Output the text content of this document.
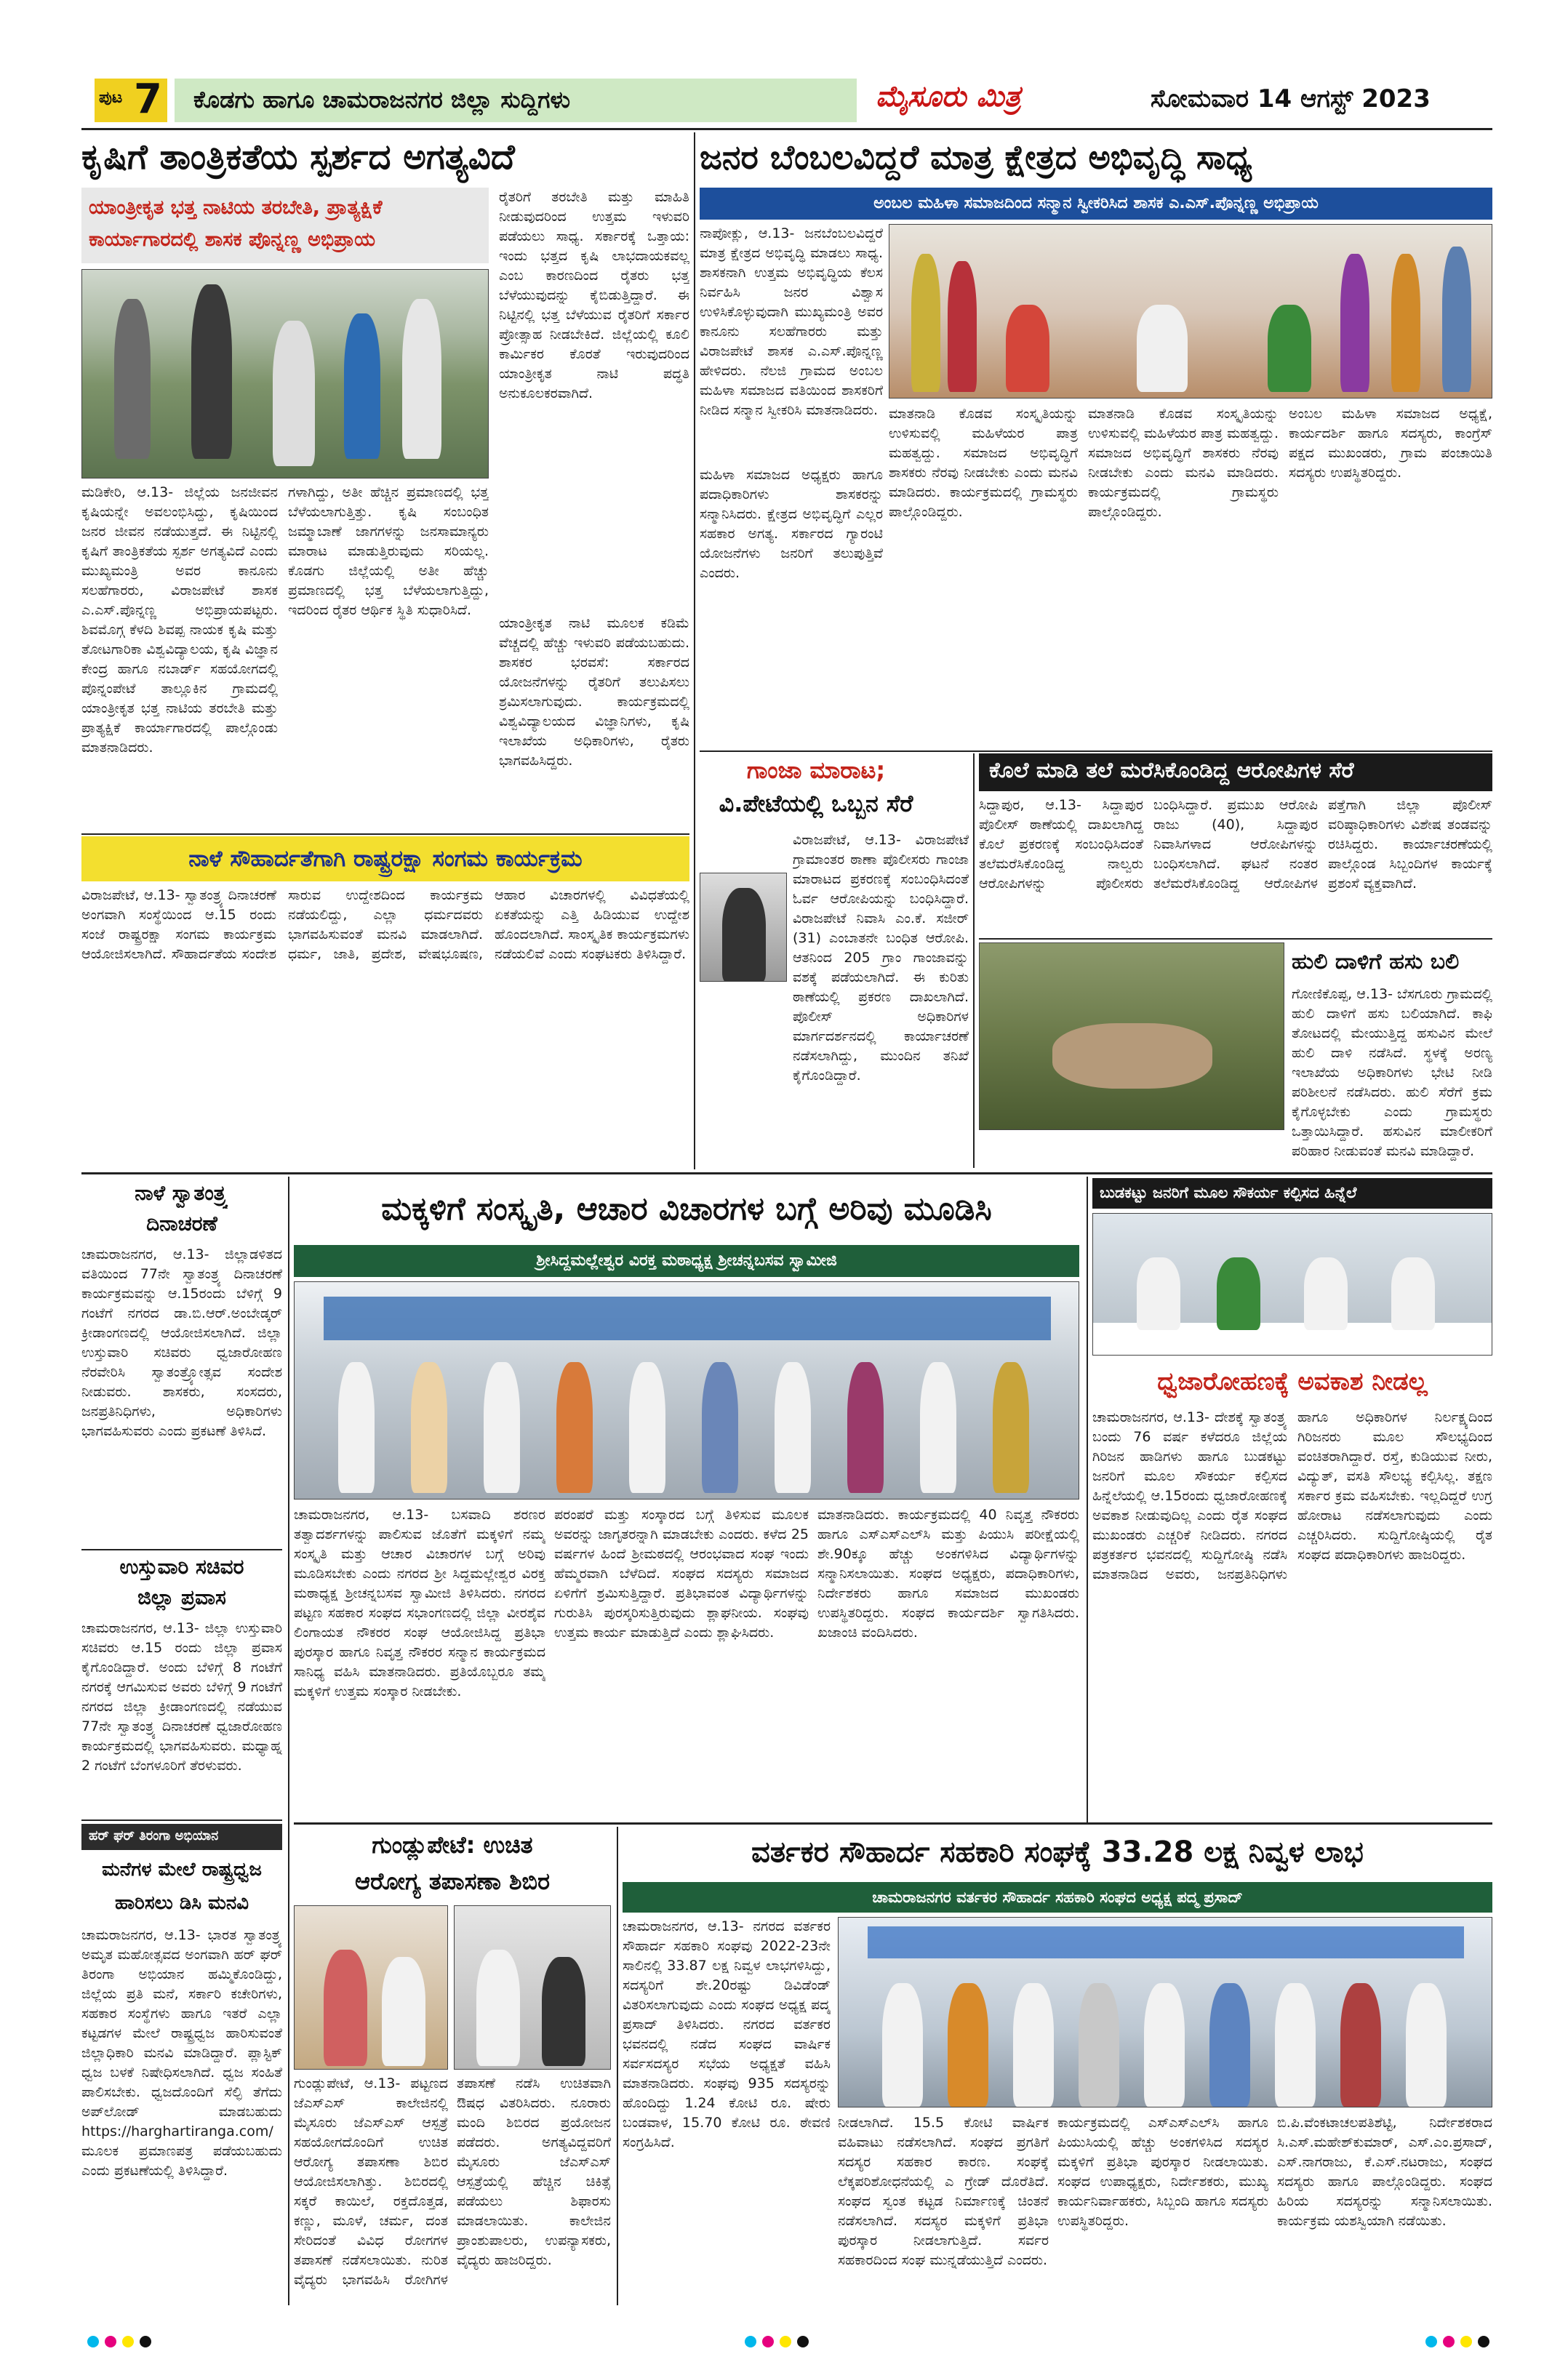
ಪುಟ 7 ಕೊಡಗು ಹಾಗೂ ಚಾಮರಾಜನಗರ ಜಿಲ್ಲಾ ಸುದ್ದಿಗಳು	ಮೈಸೂರು ಮಿತ್ರ	ಸೋಮವಾರ 14 ಆಗಸ್ಟ್ 2023
ಕೃಷಿಗೆ ತಾಂತ್ರಿಕತೆಯ ಸ್ಪರ್ಶದ ಅಗತ್ಯವಿದೆ
ಯಾಂತ್ರೀಕೃತ ಭತ್ತ ನಾಟಿಯ ತರಬೇತಿ, ಪ್ರಾತ್ಯಕ್ಷಿಕೆ ಕಾರ್ಯಾಗಾರದಲ್ಲಿ ಶಾಸಕ ಪೊನ್ನಣ್ಣ ಅಭಿಪ್ರಾಯ
ರೈತರಿಗೆ ತರಬೇತಿ ಮತ್ತು ಮಾಹಿತಿ ನೀಡುವುದರಿಂದ ಉತ್ತಮ ಇಳುವರಿ ಪಡೆಯಲು ಸಾಧ್ಯ. ಸರ್ಕಾರಕ್ಕೆ ಒತ್ತಾಯ: ಇಂದು ಭತ್ತದ ಕೃಷಿ ಲಾಭದಾಯಕವಲ್ಲ ಎಂಬ ಕಾರಣದಿಂದ ರೈತರು ಭತ್ತ ಬೆಳೆಯುವುದನ್ನು ಕೈಬಿಡುತ್ತಿದ್ದಾರೆ. ಈ ನಿಟ್ಟಿನಲ್ಲಿ ಭತ್ತ ಬೆಳೆಯುವ ರೈತರಿಗೆ ಸರ್ಕಾರ ಪ್ರೋತ್ಸಾಹ ನೀಡಬೇಕಿದೆ. ಜಿಲ್ಲೆಯಲ್ಲಿ ಕೂಲಿ ಕಾರ್ಮಿಕರ ಕೊರತೆ ಇರುವುದರಿಂದ ಯಾಂತ್ರೀಕೃತ ನಾಟಿ ಪದ್ಧತಿ ಅನುಕೂಲಕರವಾಗಿದೆ.
ಮಡಿಕೇರಿ, ಆ.13- ಜಿಲ್ಲೆಯ ಜನಜೀವನ ಕೃಷಿಯನ್ನೇ ಅವಲಂಭಿಸಿದ್ದು, ಕೃಷಿಯಿಂದ ಜನರ ಜೀವನ ನಡೆಯುತ್ತದೆ. ಈ ನಿಟ್ಟಿನಲ್ಲಿ ಕೃಷಿಗೆ ತಾಂತ್ರಿಕತೆಯ ಸ್ಪರ್ಶ ಅಗತ್ಯವಿದೆ ಎಂದು ಮುಖ್ಯಮಂತ್ರಿ ಅವರ ಕಾನೂನು ಸಲಹೆಗಾರರು, ವಿರಾಜಪೇಟೆ ಶಾಸಕ ಎ.ಎಸ್.ಪೊನ್ನಣ್ಣ ಅಭಿಪ್ರಾಯಪಟ್ಟರು. ಶಿವಮೊಗ್ಗ ಕೆಳದಿ ಶಿವಪ್ಪ ನಾಯಕ ಕೃಷಿ ಮತ್ತು ತೋಟಗಾರಿಕಾ ವಿಶ್ವವಿದ್ಯಾಲಯ, ಕೃಷಿ ವಿಜ್ಞಾನ ಕೇಂದ್ರ ಹಾಗೂ ನಬಾರ್ಡ್ ಸಹಯೋಗದಲ್ಲಿ ಪೊನ್ನಂಪೇಟೆ ತಾಲ್ಲೂಕಿನ ಗ್ರಾಮದಲ್ಲಿ ಯಾಂತ್ರೀಕೃತ ಭತ್ತ ನಾಟಿಯ ತರಬೇತಿ ಮತ್ತು ಪ್ರಾತ್ಯಕ್ಷಿಕೆ ಕಾರ್ಯಾಗಾರದಲ್ಲಿ ಪಾಲ್ಗೊಂಡು ಮಾತನಾಡಿದರು.
ಗಳಾಗಿದ್ದು, ಅತೀ ಹೆಚ್ಚಿನ ಪ್ರಮಾಣದಲ್ಲಿ ಭತ್ತ ಬೆಳೆಯಲಾಗುತ್ತಿತ್ತು. ಕೃಷಿ ಸಂಬಂಧಿತ ಜಮ್ಮಾಬಾಣೆ ಜಾಗಗಳನ್ನು ಜನಸಾಮಾನ್ಯರು ಮಾರಾಟ ಮಾಡುತ್ತಿರುವುದು ಸರಿಯಲ್ಲ. ಕೊಡಗು ಜಿಲ್ಲೆಯಲ್ಲಿ ಅತೀ ಹೆಚ್ಚು ಪ್ರಮಾಣದಲ್ಲಿ ಭತ್ತ ಬೆಳೆಯಲಾಗುತ್ತಿದ್ದು, ಇದರಿಂದ ರೈತರ ಆರ್ಥಿಕ ಸ್ಥಿತಿ ಸುಧಾರಿಸಿದೆ.
ಯಾಂತ್ರೀಕೃತ ನಾಟಿ ಮೂಲಕ ಕಡಿಮೆ ವೆಚ್ಚದಲ್ಲಿ ಹೆಚ್ಚು ಇಳುವರಿ ಪಡೆಯಬಹುದು. ಶಾಸಕರ ಭರವಸೆ: ಸರ್ಕಾರದ ಯೋಜನೆಗಳನ್ನು ರೈತರಿಗೆ ತಲುಪಿಸಲು ಶ್ರಮಿಸಲಾಗುವುದು. ಕಾರ್ಯಕ್ರಮದಲ್ಲಿ ವಿಶ್ವವಿದ್ಯಾಲಯದ ವಿಜ್ಞಾನಿಗಳು, ಕೃಷಿ ಇಲಾಖೆಯ ಅಧಿಕಾರಿಗಳು, ರೈತರು ಭಾಗವಹಿಸಿದ್ದರು.
ಜನರ ಬೆಂಬಲವಿದ್ದರೆ ಮಾತ್ರ ಕ್ಷೇತ್ರದ ಅಭಿವೃದ್ಧಿ ಸಾಧ್ಯ
ಅಂಬಲ ಮಹಿಳಾ ಸಮಾಜದಿಂದ ಸನ್ಮಾನ ಸ್ವೀಕರಿಸಿದ ಶಾಸಕ ಎ.ಎಸ್.ಪೊನ್ನಣ್ಣ ಅಭಿಪ್ರಾಯ
ನಾಪೋಕ್ಲು, ಆ.13- ಜನಬೆಂಬಲವಿದ್ದರೆ ಮಾತ್ರ ಕ್ಷೇತ್ರದ ಅಭಿವೃದ್ಧಿ ಮಾಡಲು ಸಾಧ್ಯ. ಶಾಸಕನಾಗಿ ಉತ್ತಮ ಅಭಿವೃದ್ಧಿಯ ಕೆಲಸ ನಿರ್ವಹಿಸಿ ಜನರ ವಿಶ್ವಾಸ ಉಳಿಸಿಕೊಳ್ಳುವುದಾಗಿ ಮುಖ್ಯಮಂತ್ರಿ ಅವರ ಕಾನೂನು ಸಲಹೆಗಾರರು ಮತ್ತು ವಿರಾಜಪೇಟೆ ಶಾಸಕ ಎ.ಎಸ್.ಪೊನ್ನಣ್ಣ ಹೇಳಿದರು. ನೆಲಜಿ ಗ್ರಾಮದ ಅಂಬಲ ಮಹಿಳಾ ಸಮಾಜದ ವತಿಯಿಂದ ಶಾಸಕರಿಗೆ ನೀಡಿದ ಸನ್ಮಾನ ಸ್ವೀಕರಿಸಿ ಮಾತನಾಡಿದರು.
ಮಹಿಳಾ ಸಮಾಜದ ಅಧ್ಯಕ್ಷರು ಹಾಗೂ ಪದಾಧಿಕಾರಿಗಳು ಶಾಸಕರನ್ನು ಸನ್ಮಾನಿಸಿದರು. ಕ್ಷೇತ್ರದ ಅಭಿವೃದ್ಧಿಗೆ ಎಲ್ಲರ ಸಹಕಾರ ಅಗತ್ಯ. ಸರ್ಕಾರದ ಗ್ಯಾರಂಟಿ ಯೋಜನೆಗಳು ಜನರಿಗೆ ತಲುಪುತ್ತಿವೆ ಎಂದರು.
ಮಾತನಾಡಿ ಕೊಡವ ಸಂಸ್ಕೃತಿಯನ್ನು ಉಳಿಸುವಲ್ಲಿ ಮಹಿಳೆಯರ ಪಾತ್ರ ಮಹತ್ವದ್ದು. ಸಮಾಜದ ಅಭಿವೃದ್ಧಿಗೆ ಶಾಸಕರು ನೆರವು ನೀಡಬೇಕು ಎಂದು ಮನವಿ ಮಾಡಿದರು. ಕಾರ್ಯಕ್ರಮದಲ್ಲಿ ಗ್ರಾಮಸ್ಥರು ಪಾಲ್ಗೊಂಡಿದ್ದರು.
ಮಾತನಾಡಿ ಕೊಡವ ಸಂಸ್ಕೃತಿಯನ್ನು ಉಳಿಸುವಲ್ಲಿ ಮಹಿಳೆಯರ ಪಾತ್ರ ಮಹತ್ವದ್ದು. ಸಮಾಜದ ಅಭಿವೃದ್ಧಿಗೆ ಶಾಸಕರು ನೆರವು ನೀಡಬೇಕು ಎಂದು ಮನವಿ ಮಾಡಿದರು. ಕಾರ್ಯಕ್ರಮದಲ್ಲಿ ಗ್ರಾಮಸ್ಥರು ಪಾಲ್ಗೊಂಡಿದ್ದರು.
ಅಂಬಲ ಮಹಿಳಾ ಸಮಾಜದ ಅಧ್ಯಕ್ಷೆ, ಕಾರ್ಯದರ್ಶಿ ಹಾಗೂ ಸದಸ್ಯರು, ಕಾಂಗ್ರೆಸ್ ಪಕ್ಷದ ಮುಖಂಡರು, ಗ್ರಾಮ ಪಂಚಾಯಿತಿ ಸದಸ್ಯರು ಉಪಸ್ಥಿತರಿದ್ದರು.
ನಾಳೆ ಸೌಹಾರ್ದತೆಗಾಗಿ ರಾಷ್ಟ್ರರಕ್ಷಾ ಸಂಗಮ ಕಾರ್ಯಕ್ರಮ
ವಿರಾಜಪೇಟೆ, ಆ.13- ಸ್ವಾತಂತ್ರ್ಯ ದಿನಾಚರಣೆ ಅಂಗವಾಗಿ ಸಂಸ್ಥೆಯಿಂದ ಆ.15 ರಂದು ಸಂಜೆ ರಾಷ್ಟ್ರರಕ್ಷಾ ಸಂಗಮ ಕಾರ್ಯಕ್ರಮ ಆಯೋಜಿಸಲಾಗಿದೆ. ಸೌಹಾರ್ದತೆಯ ಸಂದೇಶ ಸಾರುವ ಉದ್ದೇಶದಿಂದ ಕಾರ್ಯಕ್ರಮ ನಡೆಯಲಿದ್ದು, ಎಲ್ಲಾ ಧರ್ಮದವರು ಭಾಗವಹಿಸುವಂತೆ ಮನವಿ ಮಾಡಲಾಗಿದೆ. ಧರ್ಮ, ಜಾತಿ, ಪ್ರದೇಶ, ವೇಷಭೂಷಣ, ಆಹಾರ ವಿಚಾರಗಳಲ್ಲಿ ವಿವಿಧತೆಯಲ್ಲಿ ಏಕತೆಯನ್ನು ಎತ್ತಿ ಹಿಡಿಯುವ ಉದ್ದೇಶ ಹೊಂದಲಾಗಿದೆ. ಸಾಂಸ್ಕೃತಿಕ ಕಾರ್ಯಕ್ರಮಗಳು ನಡೆಯಲಿವೆ ಎಂದು ಸಂಘಟಕರು ತಿಳಿಸಿದ್ದಾರೆ.
ಗಾಂಜಾ ಮಾರಾಟ;
ವಿ.ಪೇಟೆಯಲ್ಲಿ ಒಬ್ಬನ ಸೆರೆ
ವಿರಾಜಪೇಟೆ, ಆ.13- ವಿರಾಜಪೇಟೆ ಗ್ರಾಮಾಂತರ ಠಾಣಾ ಪೊಲೀಸರು ಗಾಂಜಾ ಮಾರಾಟದ ಪ್ರಕರಣಕ್ಕೆ ಸಂಬಂಧಿಸಿದಂತೆ ಓರ್ವ ಆರೋಪಿಯನ್ನು ಬಂಧಿಸಿದ್ದಾರೆ. ವಿರಾಜಪೇಟೆ ನಿವಾಸಿ ಎಂ.ಕೆ. ಸಜೀರ್ (31) ಎಂಬಾತನೇ ಬಂಧಿತ ಆರೋಪಿ. ಆತನಿಂದ 205 ಗ್ರಾಂ ಗಾಂಜಾವನ್ನು ವಶಕ್ಕೆ ಪಡೆಯಲಾಗಿದೆ. ಈ ಕುರಿತು ಠಾಣೆಯಲ್ಲಿ ಪ್ರಕರಣ ದಾಖಲಾಗಿದೆ. ಪೊಲೀಸ್ ಅಧಿಕಾರಿಗಳ ಮಾರ್ಗದರ್ಶನದಲ್ಲಿ ಕಾರ್ಯಾಚರಣೆ ನಡೆಸಲಾಗಿದ್ದು, ಮುಂದಿನ ತನಿಖೆ ಕೈಗೊಂಡಿದ್ದಾರೆ.
ಕೊಲೆ ಮಾಡಿ ತಲೆ ಮರೆಸಿಕೊಂಡಿದ್ದ ಆರೋಪಿಗಳ ಸೆರೆ
ಸಿದ್ದಾಪುರ, ಆ.13- ಸಿದ್ದಾಪುರ ಪೊಲೀಸ್ ಠಾಣೆಯಲ್ಲಿ ದಾಖಲಾಗಿದ್ದ ಕೊಲೆ ಪ್ರಕರಣಕ್ಕೆ ಸಂಬಂಧಿಸಿದಂತೆ ತಲೆಮರೆಸಿಕೊಂಡಿದ್ದ ನಾಲ್ವರು ಆರೋಪಿಗಳನ್ನು ಪೊಲೀಸರು ಬಂಧಿಸಿದ್ದಾರೆ. ಪ್ರಮುಖ ಆರೋಪಿ ರಾಜು (40), ಸಿದ್ದಾಪುರ ನಿವಾಸಿಗಳಾದ ಆರೋಪಿಗಳನ್ನು ಬಂಧಿಸಲಾಗಿದೆ. ಘಟನೆ ನಂತರ ತಲೆಮರೆಸಿಕೊಂಡಿದ್ದ ಆರೋಪಿಗಳ ಪತ್ತೆಗಾಗಿ ಜಿಲ್ಲಾ ಪೊಲೀಸ್ ವರಿಷ್ಠಾಧಿಕಾರಿಗಳು ವಿಶೇಷ ತಂಡವನ್ನು ರಚಿಸಿದ್ದರು. ಕಾರ್ಯಾಚರಣೆಯಲ್ಲಿ ಪಾಲ್ಗೊಂಡ ಸಿಬ್ಬಂದಿಗಳ ಕಾರ್ಯಕ್ಕೆ ಪ್ರಶಂಸೆ ವ್ಯಕ್ತವಾಗಿದೆ.
ಹುಲಿ ದಾಳಿಗೆ ಹಸು ಬಲಿ
ಗೋಣಿಕೊಪ್ಪ, ಆ.13- ಬೆಸಗೂರು ಗ್ರಾಮದಲ್ಲಿ ಹುಲಿ ದಾಳಿಗೆ ಹಸು ಬಲಿಯಾಗಿದೆ. ಕಾಫಿ ತೋಟದಲ್ಲಿ ಮೇಯುತ್ತಿದ್ದ ಹಸುವಿನ ಮೇಲೆ ಹುಲಿ ದಾಳಿ ನಡೆಸಿದೆ. ಸ್ಥಳಕ್ಕೆ ಅರಣ್ಯ ಇಲಾಖೆಯ ಅಧಿಕಾರಿಗಳು ಭೇಟಿ ನೀಡಿ ಪರಿಶೀಲನೆ ನಡೆಸಿದರು. ಹುಲಿ ಸೆರೆಗೆ ಕ್ರಮ ಕೈಗೊಳ್ಳಬೇಕು ಎಂದು ಗ್ರಾಮಸ್ಥರು ಒತ್ತಾಯಿಸಿದ್ದಾರೆ. ಹಸುವಿನ ಮಾಲೀಕರಿಗೆ ಪರಿಹಾರ ನೀಡುವಂತೆ ಮನವಿ ಮಾಡಿದ್ದಾರೆ.
ನಾಳೆ ಸ್ವಾತಂತ್ರ್ಯ
ದಿನಾಚರಣೆ
ಚಾಮರಾಜನಗರ, ಆ.13- ಜಿಲ್ಲಾಡಳಿತದ ವತಿಯಿಂದ 77ನೇ ಸ್ವಾತಂತ್ರ್ಯ ದಿನಾಚರಣೆ ಕಾರ್ಯಕ್ರಮವನ್ನು ಆ.15ರಂದು ಬೆಳಿಗ್ಗೆ 9 ಗಂಟೆಗೆ ನಗರದ ಡಾ.ಬಿ.ಆರ್.ಅಂಬೇಡ್ಕರ್ ಕ್ರೀಡಾಂಗಣದಲ್ಲಿ ಆಯೋಜಿಸಲಾಗಿದೆ. ಜಿಲ್ಲಾ ಉಸ್ತುವಾರಿ ಸಚಿವರು ಧ್ವಜಾರೋಹಣ ನೆರವೇರಿಸಿ ಸ್ವಾತಂತ್ರ್ಯೋತ್ಸವ ಸಂದೇಶ ನೀಡುವರು. ಶಾಸಕರು, ಸಂಸದರು, ಜನಪ್ರತಿನಿಧಿಗಳು, ಅಧಿಕಾರಿಗಳು ಭಾಗವಹಿಸುವರು ಎಂದು ಪ್ರಕಟಣೆ ತಿಳಿಸಿದೆ.
ಉಸ್ತುವಾರಿ ಸಚಿವರ
ಜಿಲ್ಲಾ ಪ್ರವಾಸ
ಚಾಮರಾಜನಗರ, ಆ.13- ಜಿಲ್ಲಾ ಉಸ್ತುವಾರಿ ಸಚಿವರು ಆ.15 ರಂದು ಜಿಲ್ಲಾ ಪ್ರವಾಸ ಕೈಗೊಂಡಿದ್ದಾರೆ. ಅಂದು ಬೆಳಿಗ್ಗೆ 8 ಗಂಟೆಗೆ ನಗರಕ್ಕೆ ಆಗಮಿಸುವ ಅವರು ಬೆಳಿಗ್ಗೆ 9 ಗಂಟೆಗೆ ನಗರದ ಜಿಲ್ಲಾ ಕ್ರೀಡಾಂಗಣದಲ್ಲಿ ನಡೆಯುವ 77ನೇ ಸ್ವಾತಂತ್ರ್ಯ ದಿನಾಚರಣೆ ಧ್ವಜಾರೋಹಣ ಕಾರ್ಯಕ್ರಮದಲ್ಲಿ ಭಾಗವಹಿಸುವರು. ಮಧ್ಯಾಹ್ನ 2 ಗಂಟೆಗೆ ಬೆಂಗಳೂರಿಗೆ ತೆರಳುವರು.
ಹರ್ ಘರ್ ತಿರಂಗಾ ಅಭಿಯಾನ
ಮನೆಗಳ ಮೇಲೆ ರಾಷ್ಟ್ರಧ್ವಜ
ಹಾರಿಸಲು ಡಿಸಿ ಮನವಿ
ಚಾಮರಾಜನಗರ, ಆ.13- ಭಾರತ ಸ್ವಾತಂತ್ರ್ಯ ಅಮೃತ ಮಹೋತ್ಸವದ ಅಂಗವಾಗಿ ಹರ್ ಘರ್ ತಿರಂಗಾ ಅಭಿಯಾನ ಹಮ್ಮಿಕೊಂಡಿದ್ದು, ಜಿಲ್ಲೆಯ ಪ್ರತಿ ಮನೆ, ಸರ್ಕಾರಿ ಕಚೇರಿಗಳು, ಸಹಕಾರ ಸಂಸ್ಥೆಗಳು ಹಾಗೂ ಇತರೆ ಎಲ್ಲಾ ಕಟ್ಟಡಗಳ ಮೇಲೆ ರಾಷ್ಟ್ರಧ್ವಜ ಹಾರಿಸುವಂತೆ ಜಿಲ್ಲಾಧಿಕಾರಿ ಮನವಿ ಮಾಡಿದ್ದಾರೆ. ಪ್ಲಾಸ್ಟಿಕ್ ಧ್ವಜ ಬಳಕೆ ನಿಷೇಧಿಸಲಾಗಿದೆ. ಧ್ವಜ ಸಂಹಿತೆ ಪಾಲಿಸಬೇಕು. ಧ್ವಜದೊಂದಿಗೆ ಸೆಲ್ಫಿ ತೆಗೆದು ಅಪ್‌ಲೋಡ್ ಮಾಡಬಹುದು https://harghartiranga.com/ ಮೂಲಕ ಪ್ರಮಾಣಪತ್ರ ಪಡೆಯಬಹುದು ಎಂದು ಪ್ರಕಟಣೆಯಲ್ಲಿ ತಿಳಿಸಿದ್ದಾರೆ.
ಮಕ್ಕಳಿಗೆ ಸಂಸ್ಕೃತಿ, ಆಚಾರ ವಿಚಾರಗಳ ಬಗ್ಗೆ ಅರಿವು ಮೂಡಿಸಿ
ಶ್ರೀಸಿದ್ದಮಲ್ಲೇಶ್ವರ ವಿರಕ್ತ ಮಠಾಧ್ಯಕ್ಷ ಶ್ರೀಚನ್ನಬಸವ ಸ್ವಾಮೀಜಿ
ಚಾಮರಾಜನಗರ, ಆ.13- ಬಸವಾದಿ ಶರಣರ ತತ್ವಾದರ್ಶಗಳನ್ನು ಪಾಲಿಸುವ ಜೊತೆಗೆ ಮಕ್ಕಳಿಗೆ ನಮ್ಮ ಸಂಸ್ಕೃತಿ ಮತ್ತು ಆಚಾರ ವಿಚಾರಗಳ ಬಗ್ಗೆ ಅರಿವು ಮೂಡಿಸಬೇಕು ಎಂದು ನಗರದ ಶ್ರೀ ಸಿದ್ದಮಲ್ಲೇಶ್ವರ ವಿರಕ್ತ ಮಠಾಧ್ಯಕ್ಷ ಶ್ರೀಚನ್ನಬಸವ ಸ್ವಾಮೀಜಿ ತಿಳಿಸಿದರು. ನಗರದ ಪಟ್ಟಣ ಸಹಕಾರ ಸಂಘದ ಸಭಾಂಗಣದಲ್ಲಿ ಜಿಲ್ಲಾ ವೀರಶೈವ ಲಿಂಗಾಯತ ನೌಕರರ ಸಂಘ ಆಯೋಜಿಸಿದ್ದ ಪ್ರತಿಭಾ ಪುರಸ್ಕಾರ ಹಾಗೂ ನಿವೃತ್ತ ನೌಕರರ ಸನ್ಮಾನ ಕಾರ್ಯಕ್ರಮದ ಸಾನಿಧ್ಯ ವಹಿಸಿ ಮಾತನಾಡಿದರು. ಪ್ರತಿಯೊಬ್ಬರೂ ತಮ್ಮ ಮಕ್ಕಳಿಗೆ ಉತ್ತಮ ಸಂಸ್ಕಾರ ನೀಡಬೇಕು.
ಪರಂಪರೆ ಮತ್ತು ಸಂಸ್ಕಾರದ ಬಗ್ಗೆ ತಿಳಿಸುವ ಮೂಲಕ ಅವರನ್ನು ಜಾಗೃತರನ್ನಾಗಿ ಮಾಡಬೇಕು ಎಂದರು. ಕಳೆದ 25 ವರ್ಷಗಳ ಹಿಂದೆ ಶ್ರೀಮಠದಲ್ಲಿ ಆರಂಭವಾದ ಸಂಘ ಇಂದು ಹೆಮ್ಮರವಾಗಿ ಬೆಳೆದಿದೆ. ಸಂಘದ ಸದಸ್ಯರು ಸಮಾಜದ ಏಳಿಗೆಗೆ ಶ್ರಮಿಸುತ್ತಿದ್ದಾರೆ. ಪ್ರತಿಭಾವಂತ ವಿದ್ಯಾರ್ಥಿಗಳನ್ನು ಗುರುತಿಸಿ ಪುರಸ್ಕರಿಸುತ್ತಿರುವುದು ಶ್ಲಾಘನೀಯ. ಸಂಘವು ಉತ್ತಮ ಕಾರ್ಯ ಮಾಡುತ್ತಿದೆ ಎಂದು ಶ್ಲಾಘಿಸಿದರು.
ಮಾತನಾಡಿದರು. ಕಾರ್ಯಕ್ರಮದಲ್ಲಿ 40 ನಿವೃತ್ತ ನೌಕರರು ಹಾಗೂ ಎಸ್‌ಎಸ್‌ಎಲ್‌ಸಿ ಮತ್ತು ಪಿಯುಸಿ ಪರೀಕ್ಷೆಯಲ್ಲಿ ಶೇ.90ಕ್ಕೂ ಹೆಚ್ಚು ಅಂಕಗಳಿಸಿದ ವಿದ್ಯಾರ್ಥಿಗಳನ್ನು ಸನ್ಮಾನಿಸಲಾಯಿತು. ಸಂಘದ ಅಧ್ಯಕ್ಷರು, ಪದಾಧಿಕಾರಿಗಳು, ನಿರ್ದೇಶಕರು ಹಾಗೂ ಸಮಾಜದ ಮುಖಂಡರು ಉಪಸ್ಥಿತರಿದ್ದರು. ಸಂಘದ ಕಾರ್ಯದರ್ಶಿ ಸ್ವಾಗತಿಸಿದರು. ಖಜಾಂಚಿ ವಂದಿಸಿದರು.
ಬುಡಕಟ್ಟು ಜನರಿಗೆ ಮೂಲ ಸೌಕರ್ಯ ಕಲ್ಪಿಸದ ಹಿನ್ನೆಲೆ
ಧ್ವಜಾರೋಹಣಕ್ಕೆ ಅವಕಾಶ ನೀಡಲ್ಲ
ಚಾಮರಾಜನಗರ, ಆ.13- ದೇಶಕ್ಕೆ ಸ್ವಾತಂತ್ರ್ಯ ಬಂದು 76 ವರ್ಷ ಕಳೆದರೂ ಜಿಲ್ಲೆಯ ಗಿರಿಜನ ಹಾಡಿಗಳು ಹಾಗೂ ಬುಡಕಟ್ಟು ಜನರಿಗೆ ಮೂಲ ಸೌಕರ್ಯ ಕಲ್ಪಿಸದ ಹಿನ್ನೆಲೆಯಲ್ಲಿ ಆ.15ರಂದು ಧ್ವಜಾರೋಹಣಕ್ಕೆ ಅವಕಾಶ ನೀಡುವುದಿಲ್ಲ ಎಂದು ರೈತ ಸಂಘದ ಮುಖಂಡರು ಎಚ್ಚರಿಕೆ ನೀಡಿದರು. ನಗರದ ಪತ್ರಕರ್ತರ ಭವನದಲ್ಲಿ ಸುದ್ದಿಗೋಷ್ಠಿ ನಡೆಸಿ ಮಾತನಾಡಿದ ಅವರು, ಜನಪ್ರತಿನಿಧಿಗಳು ಹಾಗೂ ಅಧಿಕಾರಿಗಳ ನಿರ್ಲಕ್ಷ್ಯದಿಂದ ಗಿರಿಜನರು ಮೂಲ ಸೌಲಭ್ಯದಿಂದ ವಂಚಿತರಾಗಿದ್ದಾರೆ. ರಸ್ತೆ, ಕುಡಿಯುವ ನೀರು, ವಿದ್ಯುತ್, ವಸತಿ ಸೌಲಭ್ಯ ಕಲ್ಪಿಸಿಲ್ಲ. ತಕ್ಷಣ ಸರ್ಕಾರ ಕ್ರಮ ವಹಿಸಬೇಕು. ಇಲ್ಲದಿದ್ದರೆ ಉಗ್ರ ಹೋರಾಟ ನಡೆಸಲಾಗುವುದು ಎಂದು ಎಚ್ಚರಿಸಿದರು. ಸುದ್ದಿಗೋಷ್ಠಿಯಲ್ಲಿ ರೈತ ಸಂಘದ ಪದಾಧಿಕಾರಿಗಳು ಹಾಜರಿದ್ದರು.
ಗುಂಡ್ಲುಪೇಟೆ: ಉಚಿತ
ಆರೋಗ್ಯ ತಪಾಸಣಾ ಶಿಬಿರ
ಗುಂಡ್ಲುಪೇಟೆ, ಆ.13- ಪಟ್ಟಣದ ಜೆಎಸ್‌ಎಸ್ ಕಾಲೇಜಿನಲ್ಲಿ ಮೈಸೂರು ಜೆಎಸ್‌ಎಸ್ ಆಸ್ಪತ್ರೆ ಸಹಯೋಗದೊಂದಿಗೆ ಉಚಿತ ಆರೋಗ್ಯ ತಪಾಸಣಾ ಶಿಬಿರ ಆಯೋಜಿಸಲಾಗಿತ್ತು. ಶಿಬಿರದಲ್ಲಿ ಸಕ್ಕರೆ ಕಾಯಿಲೆ, ರಕ್ತದೊತ್ತಡ, ಕಣ್ಣು, ಮೂಳೆ, ಚರ್ಮ, ದಂತ ಸೇರಿದಂತೆ ವಿವಿಧ ರೋಗಗಳ ತಪಾಸಣೆ ನಡೆಸಲಾಯಿತು. ನುರಿತ ವೈದ್ಯರು ಭಾಗವಹಿಸಿ ರೋಗಿಗಳ ತಪಾಸಣೆ ನಡೆಸಿ ಉಚಿತವಾಗಿ ಔಷಧ ವಿತರಿಸಿದರು. ನೂರಾರು ಮಂದಿ ಶಿಬಿರದ ಪ್ರಯೋಜನ ಪಡೆದರು. ಅಗತ್ಯವಿದ್ದವರಿಗೆ ಮೈಸೂರು ಜೆಎಸ್‌ಎಸ್ ಆಸ್ಪತ್ರೆಯಲ್ಲಿ ಹೆಚ್ಚಿನ ಚಿಕಿತ್ಸೆ ಪಡೆಯಲು ಶಿಫಾರಸು ಮಾಡಲಾಯಿತು. ಕಾಲೇಜಿನ ಪ್ರಾಂಶುಪಾಲರು, ಉಪನ್ಯಾಸಕರು, ವೈದ್ಯರು ಹಾಜರಿದ್ದರು.
ವರ್ತಕರ ಸೌಹಾರ್ದ ಸಹಕಾರಿ ಸಂಘಕ್ಕೆ 33.28 ಲಕ್ಷ ನಿವ್ವಳ ಲಾಭ
ಚಾಮರಾಜನಗರ ವರ್ತಕರ ಸೌಹಾರ್ದ ಸಹಕಾರಿ ಸಂಘದ ಅಧ್ಯಕ್ಷ ಪದ್ಮ ಪ್ರಸಾದ್
ಚಾಮರಾಜನಗರ, ಆ.13- ನಗರದ ವರ್ತಕರ ಸೌಹಾರ್ದ ಸಹಕಾರಿ ಸಂಘವು 2022-23ನೇ ಸಾಲಿನಲ್ಲಿ 33.87 ಲಕ್ಷ ನಿವ್ವಳ ಲಾಭಗಳಿಸಿದ್ದು, ಸದಸ್ಯರಿಗೆ ಶೇ.20ರಷ್ಟು ಡಿವಿಡೆಂಡ್ ವಿತರಿಸಲಾಗುವುದು ಎಂದು ಸಂಘದ ಅಧ್ಯಕ್ಷ ಪದ್ಮ ಪ್ರಸಾದ್ ತಿಳಿಸಿದರು. ನಗರದ ವರ್ತಕರ ಭವನದಲ್ಲಿ ನಡೆದ ಸಂಘದ ವಾರ್ಷಿಕ ಸರ್ವಸದಸ್ಯರ ಸಭೆಯ ಅಧ್ಯಕ್ಷತೆ ವಹಿಸಿ ಮಾತನಾಡಿದರು. ಸಂಘವು 935 ಸದಸ್ಯರನ್ನು ಹೊಂದಿದ್ದು 1.24 ಕೋಟಿ ರೂ. ಷೇರು ಬಂಡವಾಳ, 15.70 ಕೋಟಿ ರೂ. ಠೇವಣಿ ಸಂಗ್ರಹಿಸಿದೆ.
ನೀಡಲಾಗಿದೆ. 15.5 ಕೋಟಿ ವಾರ್ಷಿಕ ವಹಿವಾಟು ನಡೆಸಲಾಗಿದೆ. ಸಂಘದ ಪ್ರಗತಿಗೆ ಸದಸ್ಯರ ಸಹಕಾರ ಕಾರಣ. ಸಂಘಕ್ಕೆ ಲೆಕ್ಕಪರಿಶೋಧನೆಯಲ್ಲಿ ಎ ಗ್ರೇಡ್ ದೊರೆತಿದೆ. ಸಂಘದ ಸ್ವಂತ ಕಟ್ಟಡ ನಿರ್ಮಾಣಕ್ಕೆ ಚಿಂತನೆ ನಡೆಸಲಾಗಿದೆ. ಸದಸ್ಯರ ಮಕ್ಕಳಿಗೆ ಪ್ರತಿಭಾ ಪುರಸ್ಕಾರ ನೀಡಲಾಗುತ್ತಿದೆ. ಸರ್ವರ ಸಹಕಾರದಿಂದ ಸಂಘ ಮುನ್ನಡೆಯುತ್ತಿದೆ ಎಂದರು.
ಕಾರ್ಯಕ್ರಮದಲ್ಲಿ ಎಸ್‌ಎಸ್‌ಎಲ್‌ಸಿ ಹಾಗೂ ಪಿಯುಸಿಯಲ್ಲಿ ಹೆಚ್ಚು ಅಂಕಗಳಿಸಿದ ಸದಸ್ಯರ ಮಕ್ಕಳಿಗೆ ಪ್ರತಿಭಾ ಪುರಸ್ಕಾರ ನೀಡಲಾಯಿತು. ಸಂಘದ ಉಪಾಧ್ಯಕ್ಷರು, ನಿರ್ದೇಶಕರು, ಮುಖ್ಯ ಕಾರ್ಯನಿರ್ವಾಹಕರು, ಸಿಬ್ಬಂದಿ ಹಾಗೂ ಸದಸ್ಯರು ಉಪಸ್ಥಿತರಿದ್ದರು.
ಬಿ.ಪಿ.ವೆಂಕಟಾಚಲಪತಿಶೆಟ್ಟಿ, ನಿರ್ದೇಶಕರಾದ ಸಿ.ಎಸ್.ಮಹೇಶ್‌ಕುಮಾರ್, ಎಸ್.ಎಂ.ಪ್ರಸಾದ್, ಎಸ್.ನಾಗರಾಜು, ಕೆ.ಎಸ್.ನಟರಾಜು, ಸಂಘದ ಸದಸ್ಯರು ಹಾಗೂ ಪಾಲ್ಗೊಂಡಿದ್ದರು. ಸಂಘದ ಹಿರಿಯ ಸದಸ್ಯರನ್ನು ಸನ್ಮಾನಿಸಲಾಯಿತು. ಕಾರ್ಯಕ್ರಮ ಯಶಸ್ವಿಯಾಗಿ ನಡೆಯಿತು.
